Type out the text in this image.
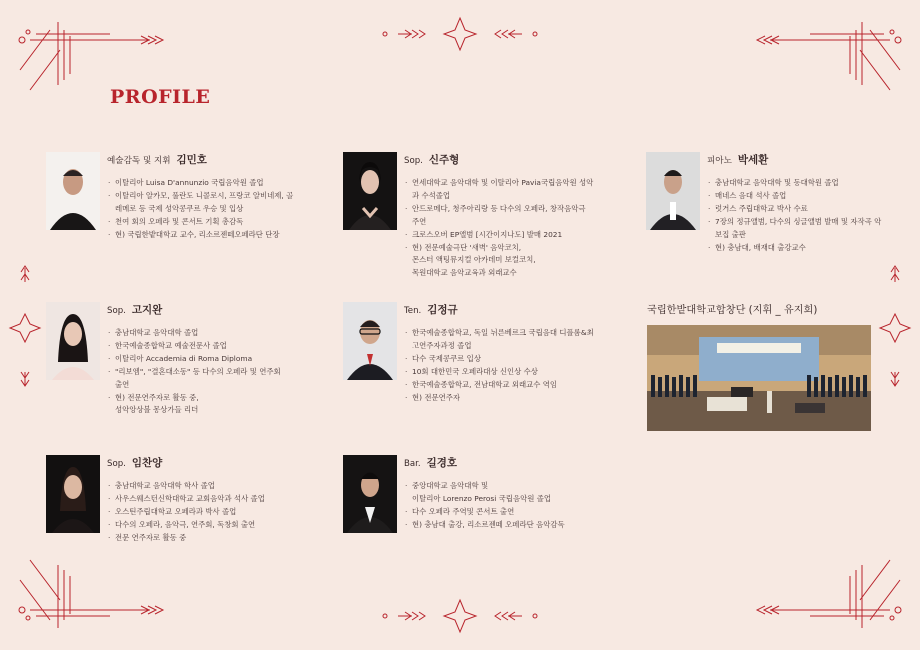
PROFILE
예술감독 및 지휘 김민호
· 이탈리아 Luisa D'annunzio 국립음악원 졸업
· 이탈리아 알카모, 풀란도 니콜로시, 프랑코 알비네제, 골레메로 등 국제 성악콩쿠르 우승 및 입상
· 천여 회의 오페라 및 콘서트 기획 총감독
· 현) 국립한밭대학교 교수, 리소르젠떼오페라단 단장
Sop. 신주형
· 연세대학교 음악대학 및 이탈리아 Pavia국립음악원 성악과 수석졸업
· 안드로메다, 청주아리랑 등 다수의 오페라, 창작음악극 주연
· 크로스오버 EP앨범 [시간이지나도] 발매 2021
· 현) 전문예술극단 '새벽' 음악코치,
몬스터 액팅뮤지컬 아카데미 보컬코치,
목원대학교 음악교육과 외래교수
피아노 박세환
· 충남대학교 음악대학 및 동대학원 졸업
· 매네스 음대 석사 졸업
· 럿거스 주립대학교 박사 수료
· 7장의 정규앨범, 다수의 싱글앨범 발매 및 자작곡 악보집 출판
· 현) 충남대, 배재대 출강교수
Sop. 고지완
· 충남대학교 음악대학 졸업
· 한국예술종합학교 예술전문사 졸업
· 이탈리아 Accademia di Roma Diploma
· "리보엠", "결혼대소동" 등 다수의 오페라 및 연주회 출연
· 현) 전문연주자로 활동 중,
성악앙상블 몽상가들 리더
Ten. 김정규
· 한국예술종합학교, 독일 뉘른베르크 국립음대 디플롬&최고연주자과정 졸업
· 다수 국제콩쿠르 입상
· 10회 대한민국 오페라대상 신인상 수상
· 한국예술종합학교, 전남대학교 외래교수 역임
· 현) 전문연주자
국립한밭대학교합창단 (지휘 _ 유지희)
Sop. 임찬양
· 충남대학교 음악대학 학사 졸업
· 사우스웨스턴신학대학교 교회음악과 석사 졸업
· 오스틴주립대학교 오페라과 박사 졸업
· 다수의 오페라, 음악극, 연주회, 독창회 출연
· 전문 연주자로 활동 중
Bar. 길경호
· 중앙대학교 음악대학 및
이탈리아 Lorenzo Perosi 국립음악원 졸업
· 다수 오페라 주역및 콘서트 출연
· 현) 충남대 출강, 리소르젠떼 오페라단 음악감독
